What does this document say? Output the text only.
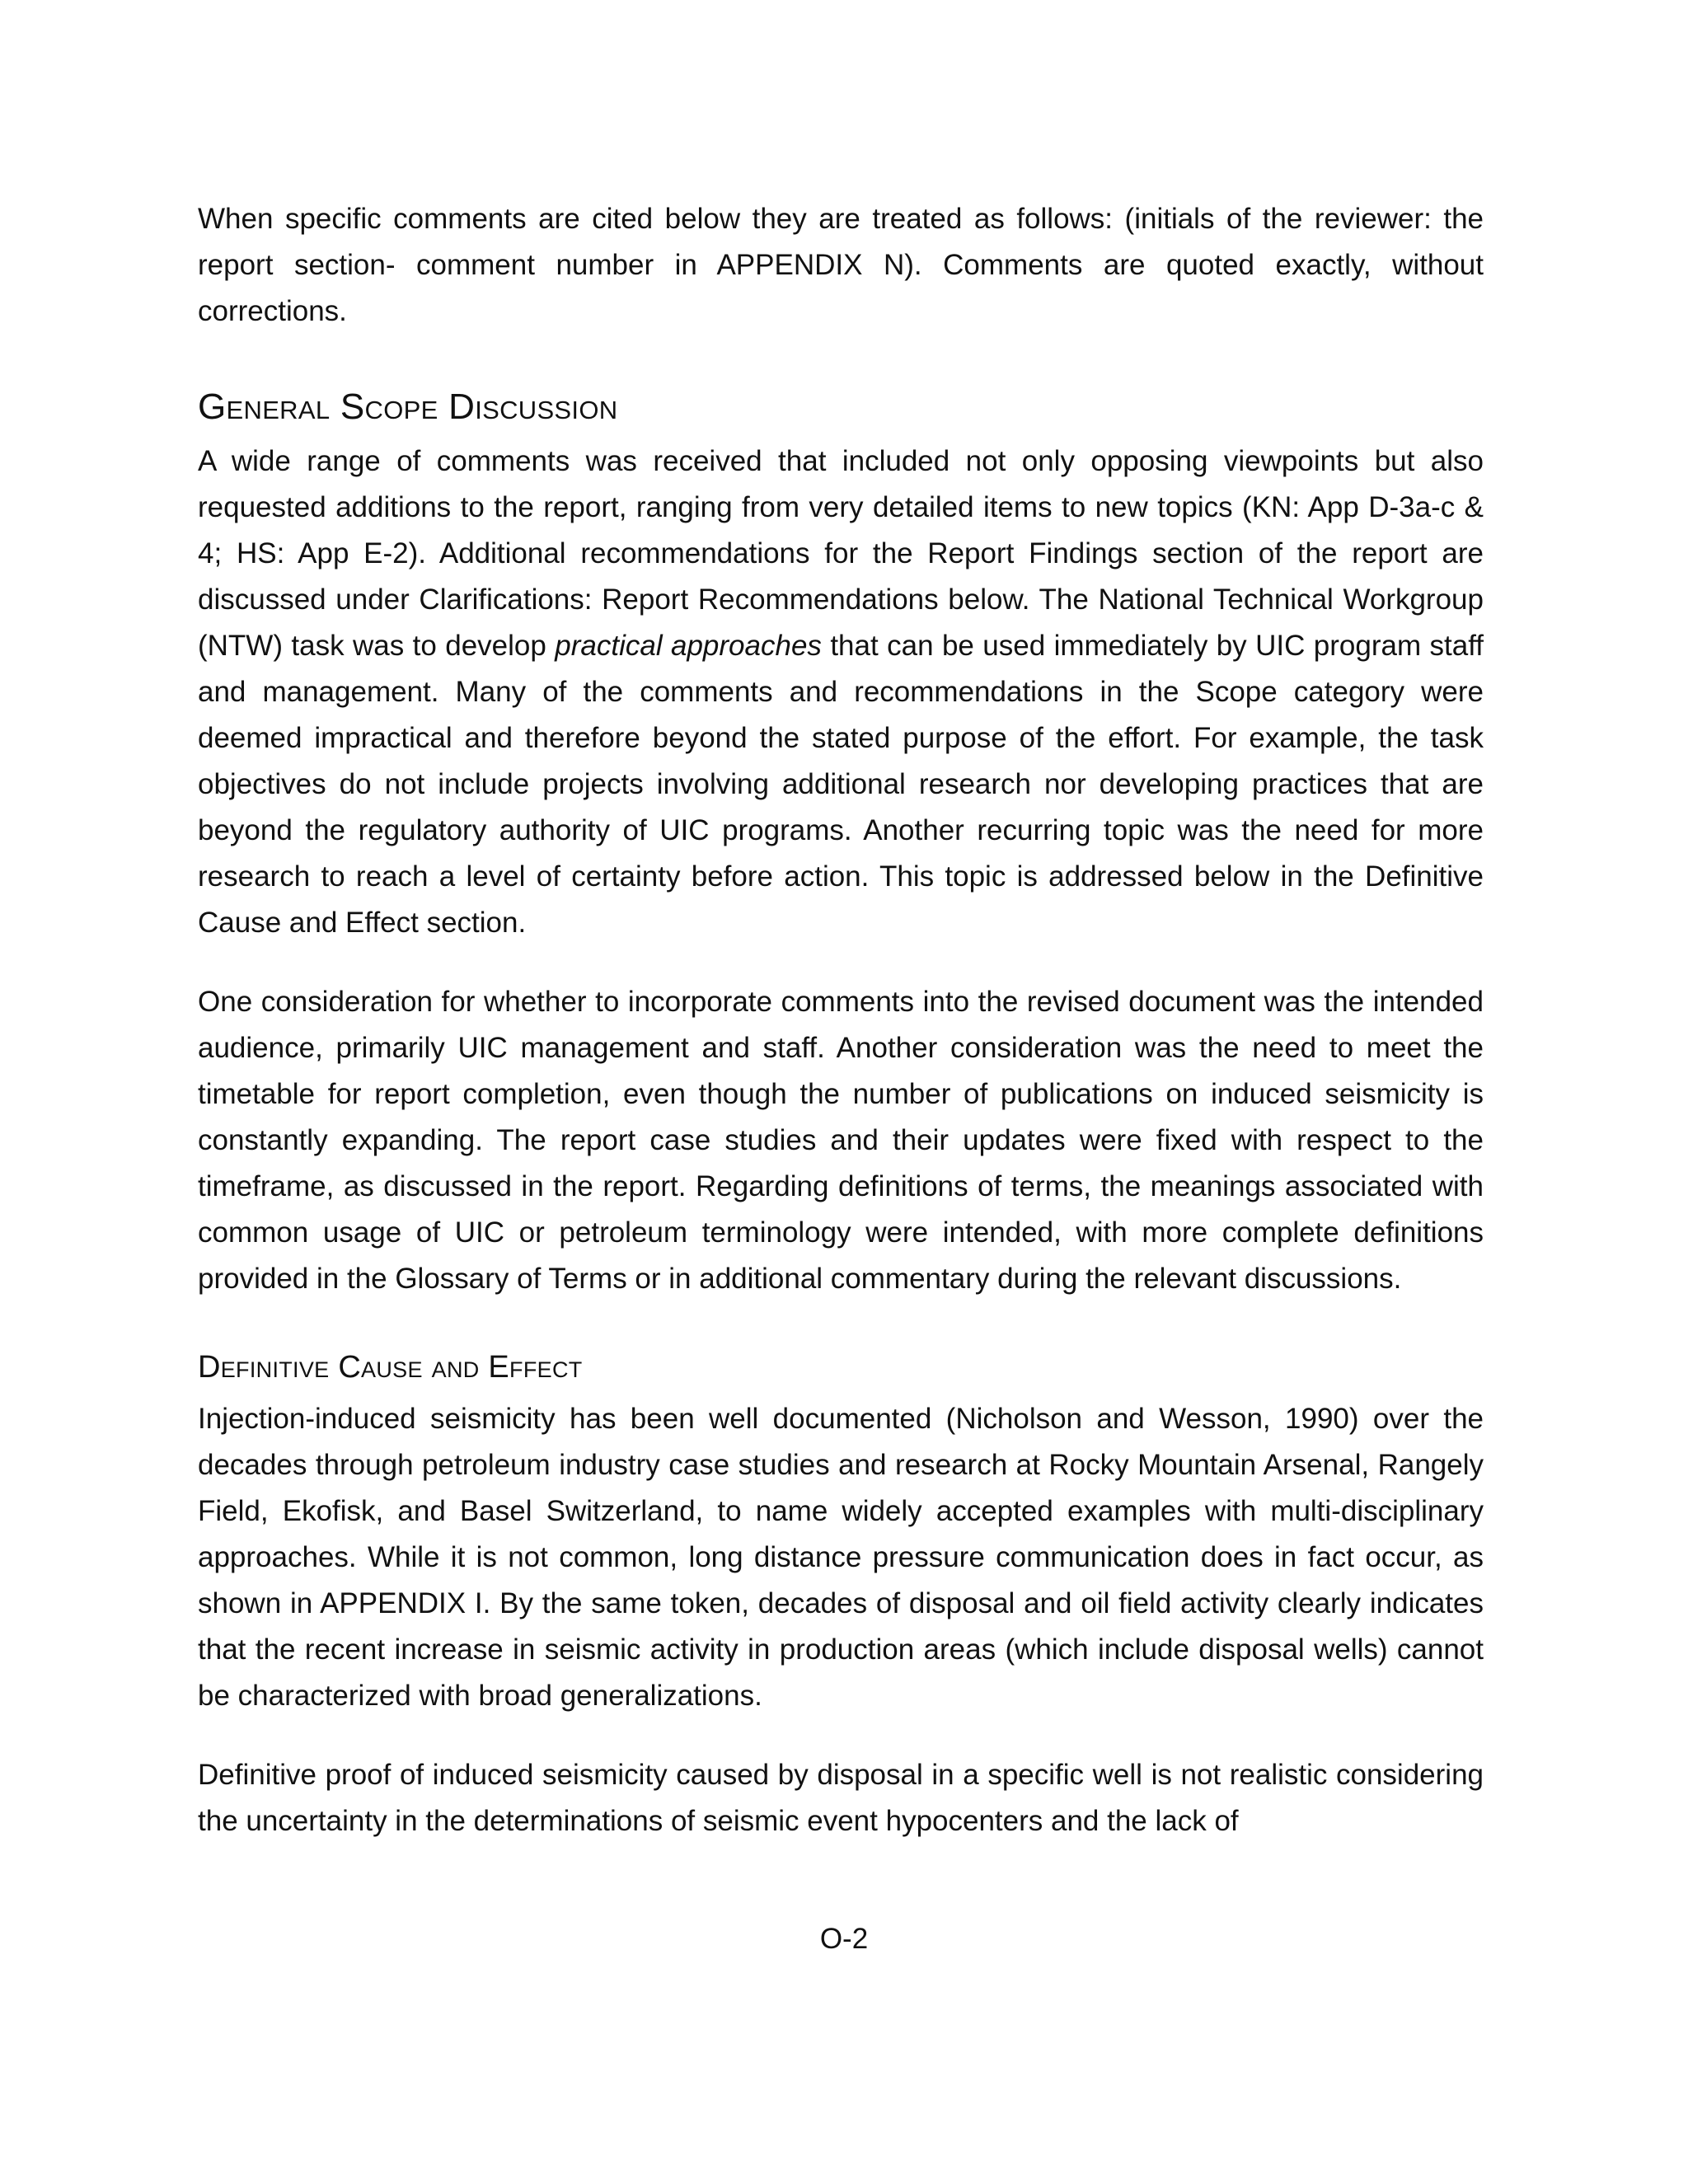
When specific comments are cited below they are treated as follows: (initials of the reviewer: the report section- comment number in APPENDIX N). Comments are quoted exactly, without corrections.

General Scope Discussion

A wide range of comments was received that included not only opposing viewpoints but also requested additions to the report, ranging from very detailed items to new topics (KN: App D-3a-c & 4; HS: App E-2). Additional recommendations for the Report Findings section of the report are discussed under Clarifications: Report Recommendations below. The National Technical Workgroup (NTW) task was to develop practical approaches that can be used immediately by UIC program staff and management. Many of the comments and recommendations in the Scope category were deemed impractical and therefore beyond the stated purpose of the effort. For example, the task objectives do not include projects involving additional research nor developing practices that are beyond the regulatory authority of UIC programs. Another recurring topic was the need for more research to reach a level of certainty before action. This topic is addressed below in the Definitive Cause and Effect section.

One consideration for whether to incorporate comments into the revised document was the intended audience, primarily UIC management and staff. Another consideration was the need to meet the timetable for report completion, even though the number of publications on induced seismicity is constantly expanding. The report case studies and their updates were fixed with respect to the timeframe, as discussed in the report. Regarding definitions of terms, the meanings associated with common usage of UIC or petroleum terminology were intended, with more complete definitions provided in the Glossary of Terms or in additional commentary during the relevant discussions.

Definitive Cause and Effect

Injection-induced seismicity has been well documented (Nicholson and Wesson, 1990) over the decades through petroleum industry case studies and research at Rocky Mountain Arsenal, Rangely Field, Ekofisk, and Basel Switzerland, to name widely accepted examples with multi-disciplinary approaches. While it is not common, long distance pressure communication does in fact occur, as shown in APPENDIX I. By the same token, decades of disposal and oil field activity clearly indicates that the recent increase in seismic activity in production areas (which include disposal wells) cannot be characterized with broad generalizations.

Definitive proof of induced seismicity caused by disposal in a specific well is not realistic considering the uncertainty in the determinations of seismic event hypocenters and the lack of

O-2
